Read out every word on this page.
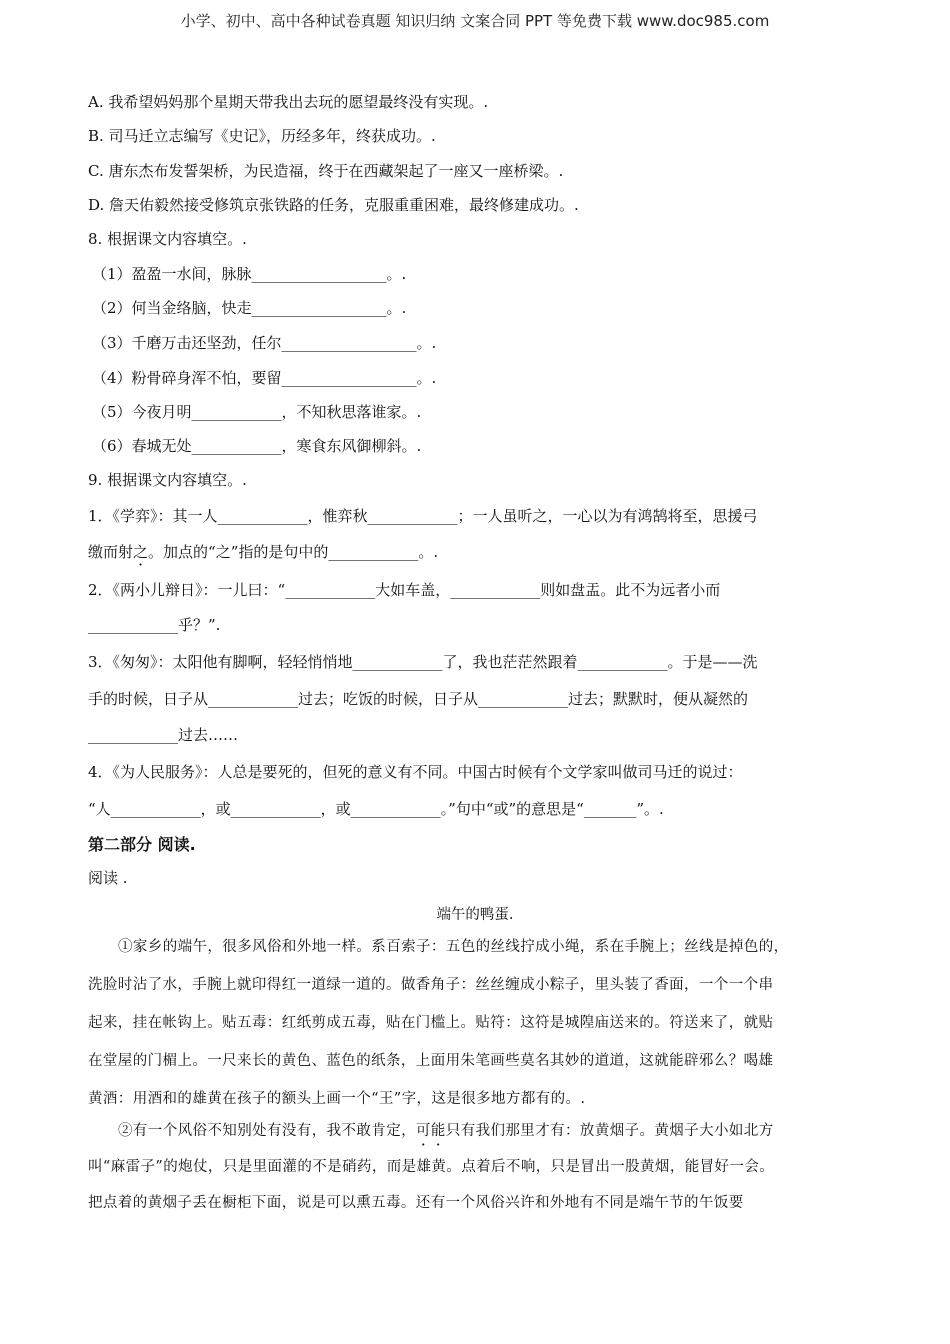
小学、初中、高中各种试卷真题 知识归纳 文案合同 PPT 等免费下载 www.doc985.com
A. 我希望妈妈那个星期天带我出去玩的愿望最终没有实现。.
B. 司马迁立志编写《史记》，历经多年，终获成功。.
C. 唐东杰布发誓架桥，为民造福，终于在西藏架起了一座又一座桥梁。.
D. 詹天佑毅然接受修筑京张铁路的任务，克服重重困难，最终修建成功。.
8. 根据课文内容填空。.
（1）盈盈一水间，脉脉__________________。.
（2）何当金络脑，快走__________________。.
（3）千磨万击还坚劲，任尔__________________。.
（4）粉骨碎身浑不怕，要留__________________。.
（5）今夜月明____________，不知秋思落谁家。.
（6）春城无处____________，寒食东风御柳斜。.
9. 根据课文内容填空。.
1．《学弈》：其一人____________，惟弈秋____________；一人虽听之，一心以为有鸿鹄将至，思援弓
缴而射之。加点的“之”指的是句中的____________。.
2．《两小儿辩日》：一儿曰：“____________大如车盖，____________则如盘盂。此不为远者小而
____________乎？”.
3．《匆匆》：太阳他有脚啊，轻轻悄悄地____________了，我也茫茫然跟着____________。于是——洗
手的时候，日子从____________过去；吃饭的时候，日子从____________过去；默默时，便从凝然的
____________过去……
4．《为人民服务》：人总是要死的，但死的意义有不同。中国古时候有个文学家叫做司马迁的说过：
“人____________，或____________，或____________。”句中“或”的意思是“_______”。.
第二部分 阅读.
阅读 .
端午的鸭蛋.
①家乡的端午，很多风俗和外地一样。系百索子：五色的丝线拧成小绳，系在手腕上；丝线是掉色的，
洗脸时沾了水，手腕上就印得红一道绿一道的。做香角子：丝丝缠成小粽子，里头装了香面，一个一个串
起来，挂在帐钩上。贴五毒：红纸剪成五毒，贴在门槛上。贴符：这符是城隍庙送来的。符送来了，就贴
在堂屋的门楣上。一尺来长的黄色、蓝色的纸条，上面用朱笔画些莫名其妙的道道，这就能辟邪么？喝雄
黄酒：用酒和的雄黄在孩子的额头上画一个“王”字，这是很多地方都有的。.
②有一个风俗不知别处有没有，我不敢肯定，可能只有我们那里才有：放黄烟子。黄烟子大小如北方
叫“麻雷子”的炮仗，只是里面灌的不是硝药，而是雄黄。点着后不响，只是冒出一股黄烟，能冒好一会。
把点着的黄烟子丢在橱柜下面，说是可以熏五毒。还有一个风俗兴许和外地有不同是端午节的午饭要
